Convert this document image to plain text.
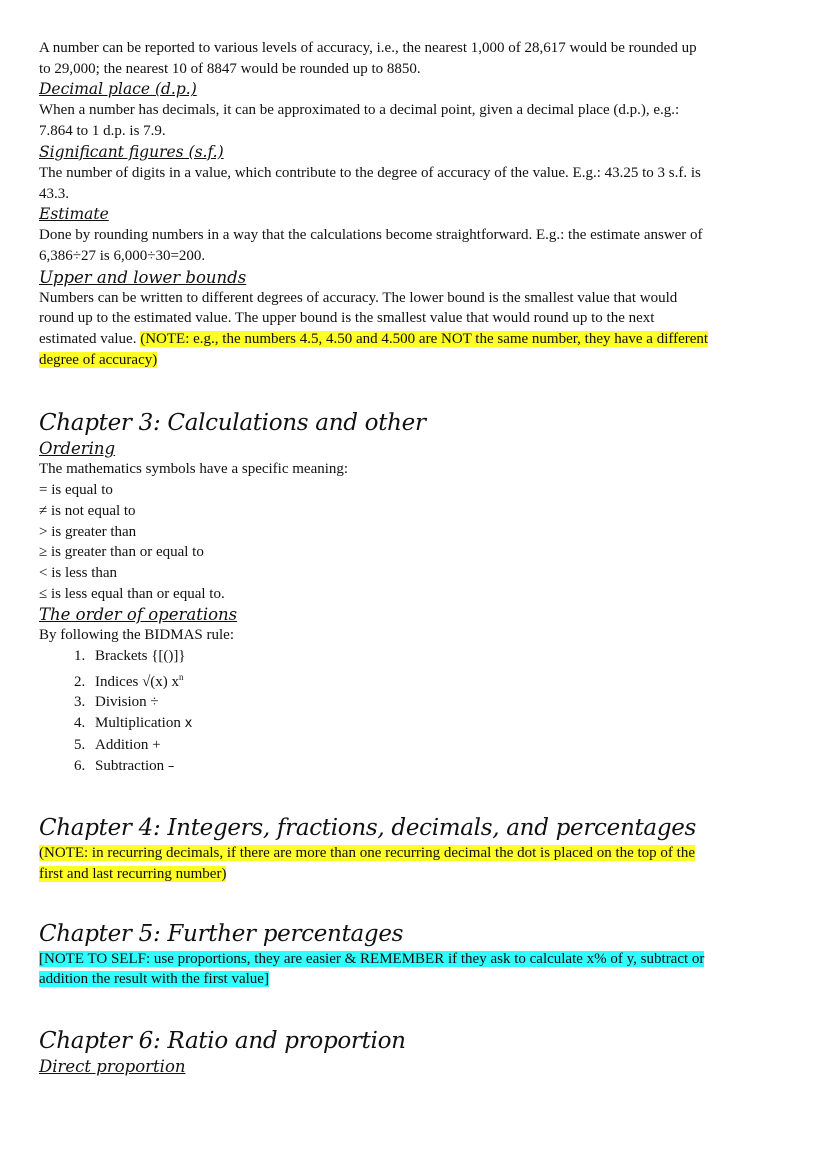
A number can be reported to various levels of accuracy, i.e., the nearest 1,000 of 28,617 would be rounded up
to 29,000; the nearest 10 of 8847 would be rounded up to 8850.

Decimal place (d.p.)

When a number has decimals, it can be approximated to a decimal point, given a decimal place (d.p.), e.g.:
7.864 to 1 d.p. is 7.9.

Significant figures (s.f.)

The number of digits in a value, which contribute to the degree of accuracy of the value. E.g.: 43.25 to 3 s.f. is
43.3.

Estimate

Done by rounding numbers in a way that the calculations become straightforward. E.g.: the estimate answer of
6,386÷27 is 6,000÷30=200.

Upper and lower bounds

Numbers can be written to different degrees of accuracy. The lower bound is the smallest value that would
round up to the estimated value. The upper bound is the smallest value that would round up to the next
estimated value. (NOTE: e.g., the numbers 4.5, 4.50 and 4.500 are NOT the same number, they have a different
degree of accuracy)

Chapter 3: Calculations and other
Ordering

The mathematics symbols have a specific meaning:

= is equal to
≠ is not equal to
> is greater than
≥ is greater than or equal to
< is less than
≤ is less equal than or equal to.
The order of operations

By following the BIDMAS rule:

1. Brackets {[()]}
2. Indices √(x) $x^n$
3. Division ÷
4. Multiplication x
5. Addition +
6. Subtraction –
Chapter 4: Integers, fractions, decimals, and percentages

(NOTE: in recurring decimals, if there are more than one recurring decimal the dot is placed on the top of the
first and last recurring number)

Chapter 5: Further percentages

[NOTE TO SELF: use proportions, they are easier & REMEMBER if they ask to calculate x% of y, subtract or
addition the result with the first value]

Chapter 6: Ratio and proportion
Direct proportion
